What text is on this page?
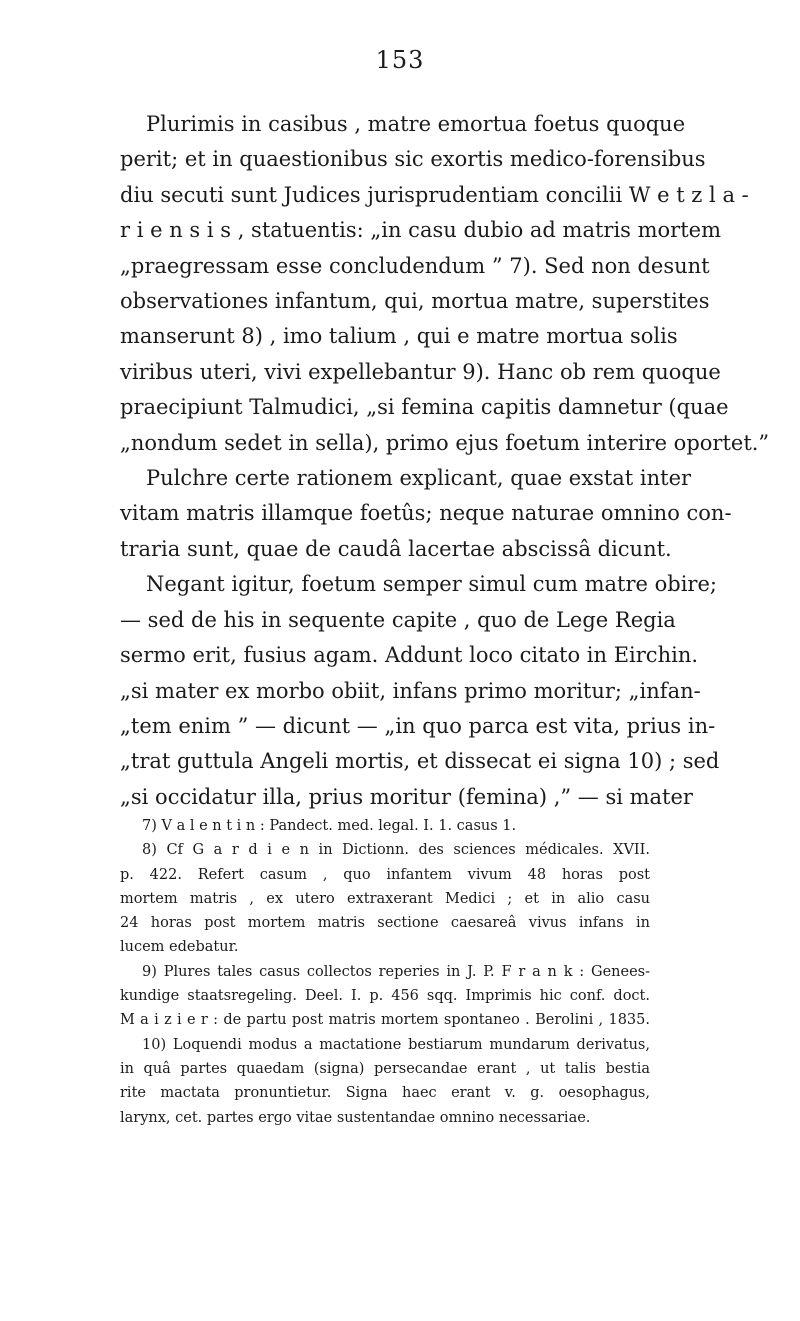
153
Plurimis in casibus , matre emortua foetus quoque
perit; et in quaestionibus sic exortis medico-forensibus
diu secuti sunt Judices jurisprudentiam concilii W e t z l a -
r i e n s i s , statuentis: „in casu dubio ad matris mortem
„praegressam esse concludendum ” 7). Sed non desunt
observationes infantum, qui, mortua matre, superstites
manserunt 8) , imo talium , qui e matre mortua solis
viribus uteri, vivi expellebantur 9). Hanc ob rem quoque
praecipiunt Talmudici, „si femina capitis damnetur (quae
„nondum sedet in sella), primo ejus foetum interire oportet.”
Pulchre certe rationem explicant, quae exstat inter
vitam matris illamque foetûs; neque naturae omnino con-
traria sunt, quae de caudâ lacertae abscissâ dicunt.
Negant igitur, foetum semper simul cum matre obire;
— sed de his in sequente capite , quo de Lege Regia
sermo erit, fusius agam. Addunt loco citato in Eirchin.
„si mater ex morbo obiit, infans primo moritur; „infan-
„tem enim ” — dicunt — „in quo parca est vita, prius in-
„trat guttula Angeli mortis, et dissecat ei signa 10) ; sed
„si occidatur illa, prius moritur (femina) ,” — si mater
7) V a l e n t i n : Pandect. med. legal. I. 1. casus 1.
8) Cf G a r d i e n in Dictionn. des sciences médicales. XVII.
p. 422. Refert casum , quo infantem vivum 48 horas post
mortem matris , ex utero extraxerant Medici ; et in alio casu
24 horas post mortem matris sectione caesareâ vivus infans in
lucem edebatur.
9) Plures tales casus collectos reperies in J. P. F r a n k : Genees-
kundige staatsregeling. Deel. I. p. 456 sqq. Imprimis hic conf. doct.
M a i z i e r : de partu post matris mortem spontaneo . Berolini , 1835.
10) Loquendi modus a mactatione bestiarum mundarum derivatus,
in quâ partes quaedam (signa) persecandae erant , ut talis bestia
rite mactata pronuntietur. Signa haec erant v. g. oesophagus,
larynx, cet. partes ergo vitae sustentandae omnino necessariae.
